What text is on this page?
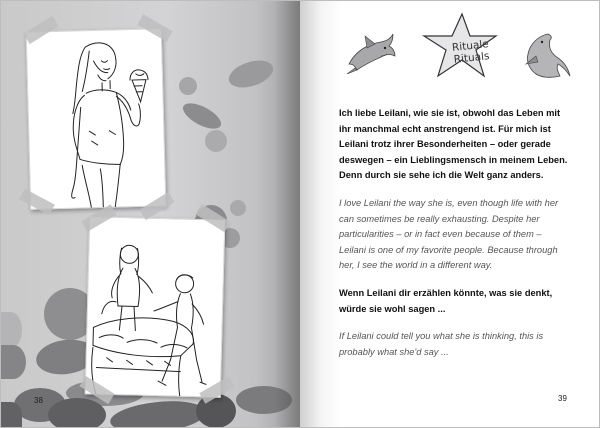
38
Rituale
Rituals

Ich liebe Leilani, wie sie ist, obwohl das Leben mit ihr manchmal echt anstrengend ist. Für mich ist Leilani trotz ihrer Besonderheiten – oder gerade deswegen – ein Lieblingsmensch in meinem Leben. Denn durch sie sehe ich die Welt ganz anders.

I love Leilani the way she is, even though life with her can sometimes be really exhausting. Despite her particularities – or in fact even because of them – Leilani is one of my favorite people. Because through her, I see the world in a different way.

Wenn Leilani dir erzählen könnte, was sie denkt, würde sie wohl sagen ...

If Leilani could tell you what she is thinking, this is probably what she'd say ...

39
